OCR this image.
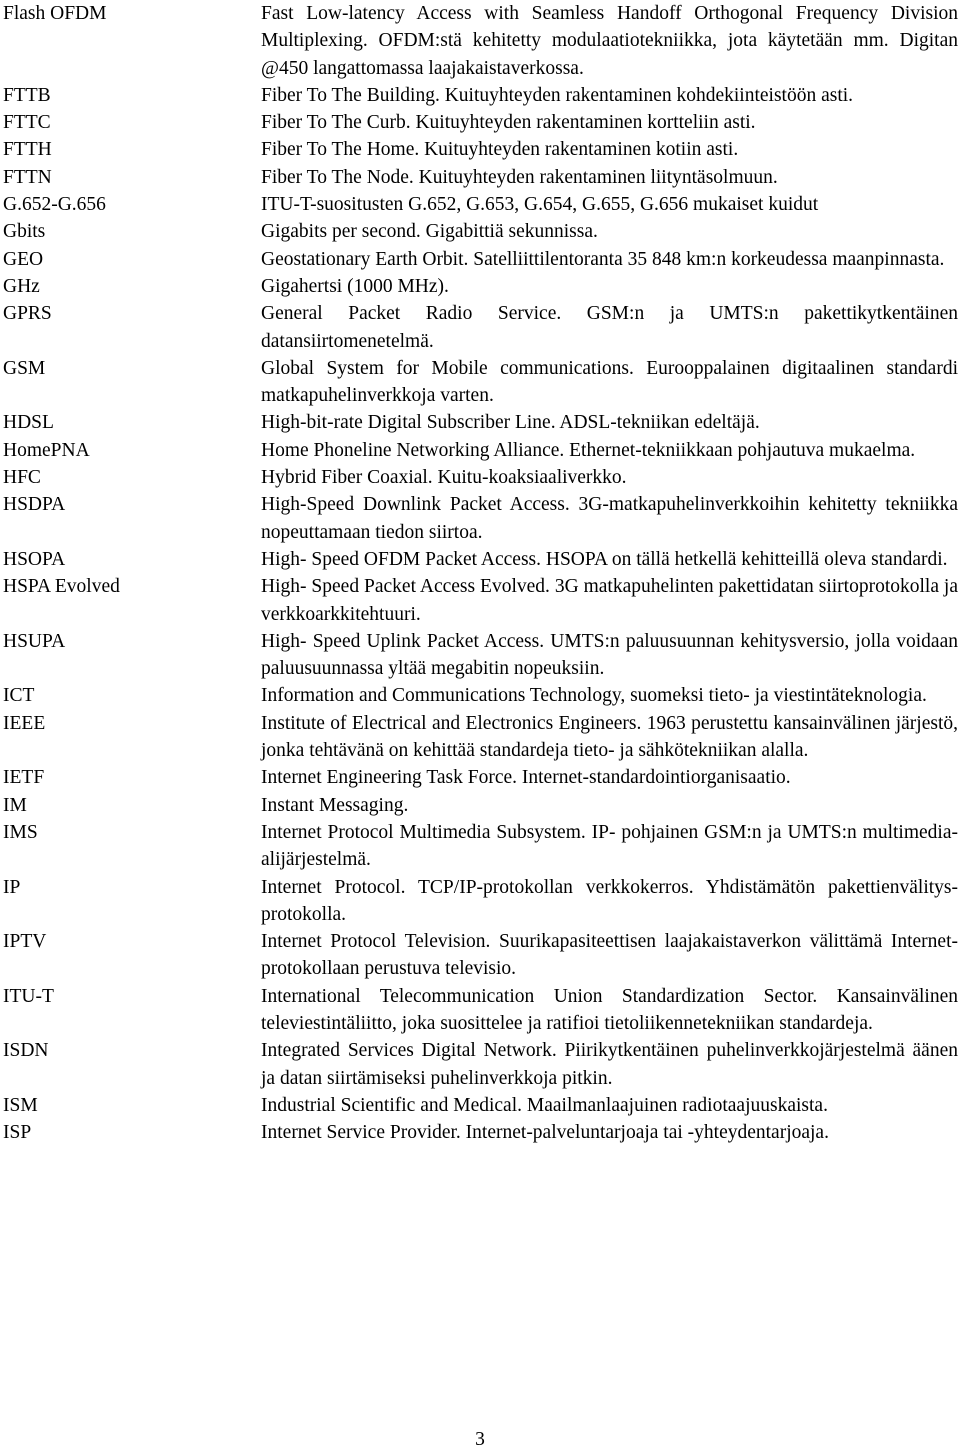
Flash OFDM	Fast Low-latency Access with Seamless Handoff Orthogonal Frequency Division Multiplexing. OFDM:stä kehitetty modulaatiotekniikka, jota käytetään mm. Digitan @450 langattomassa laajakaistaverkossa.
FTTB	Fiber To The Building. Kuituyhteyden rakentaminen kohdekiinteistöön asti.
FTTC	Fiber To The Curb. Kuituyhteyden rakentaminen kortteliin asti.
FTTH	Fiber To The Home. Kuituyhteyden rakentaminen kotiin asti.
FTTN	Fiber To The Node. Kuituyhteyden rakentaminen liityntäsolmuun.
G.652-G.656	ITU-T-suositusten G.652, G.653, G.654, G.655, G.656 mukaiset kuidut
Gbits	Gigabits per second. Gigabittiä sekunnissa.
GEO	Geostationary Earth Orbit. Satelliittilentoranta 35 848 km:n korkeudessa maanpinnasta.
GHz	Gigahertsi (1000 MHz).
GPRS	General Packet Radio Service. GSM:n ja UMTS:n pakettikytkentäinen datansiirtomenetelmä.
GSM	Global System for Mobile communications. Eurooppalainen digitaalinen standardi matkapuhelinverkkoja varten.
HDSL	High-bit-rate Digital Subscriber Line. ADSL-tekniikan edeltäjä.
HomePNA	Home Phoneline Networking Alliance. Ethernet-tekniikkaan pohjautuva mukaelma.
HFC	Hybrid Fiber Coaxial. Kuitu-koaksiaaliverkko.
HSDPA	High-Speed Downlink Packet Access. 3G-matkapuhelinverkkoihin kehitetty tekniikka nopeuttamaan tiedon siirtoa.
HSOPA	High- Speed OFDM Packet Access. HSOPA on tällä hetkellä kehitteillä oleva standardi.
HSPA Evolved	High- Speed Packet Access Evolved. 3G matkapuhelinten pakettidatan siirtoprotokolla ja verkkoarkkitehtuuri.
HSUPA	High- Speed Uplink Packet Access. UMTS:n paluusuunnan kehitysversio, jolla voidaan paluusuunnassa yltää megabitin nopeuksiin.
ICT	Information and Communications Technology, suomeksi tieto- ja viestintäteknologia.
IEEE	Institute of Electrical and Electronics Engineers. 1963 perustettu kansainvälinen järjestö, jonka tehtävänä on kehittää standardeja tieto- ja sähkötekniikan alalla.
IETF	Internet Engineering Task Force. Internet-standardointiorganisaatio.
IM	Instant Messaging.
IMS	Internet Protocol Multimedia Subsystem. IP- pohjainen GSM:n ja UMTS:n multimedia-alijärjestelmä.
IP	Internet Protocol. TCP/IP-protokollan verkkokerros. Yhdistämätön pakettienvälitys-protokolla.
IPTV	Internet Protocol Television. Suurikapasiteettisen laajakaistaverkon välittämä Internet-protokollaan perustuva televisio.
ITU-T	International Telecommunication Union Standardization Sector. Kansainvälinen televiestintäliitto, joka suosittelee ja ratifioi tietoliikennetekniikan standardeja.
ISDN	Integrated Services Digital Network. Piirikytkentäinen puhelinverkkojärjestelmä äänen ja datan siirtämiseksi puhelinverkkoja pitkin.
ISM	Industrial Scientific and Medical. Maailmanlaajuinen radiotaajuuskaista.
ISP	Internet Service Provider. Internet-palveluntarjoaja tai -yhteydentarjoaja.
3
